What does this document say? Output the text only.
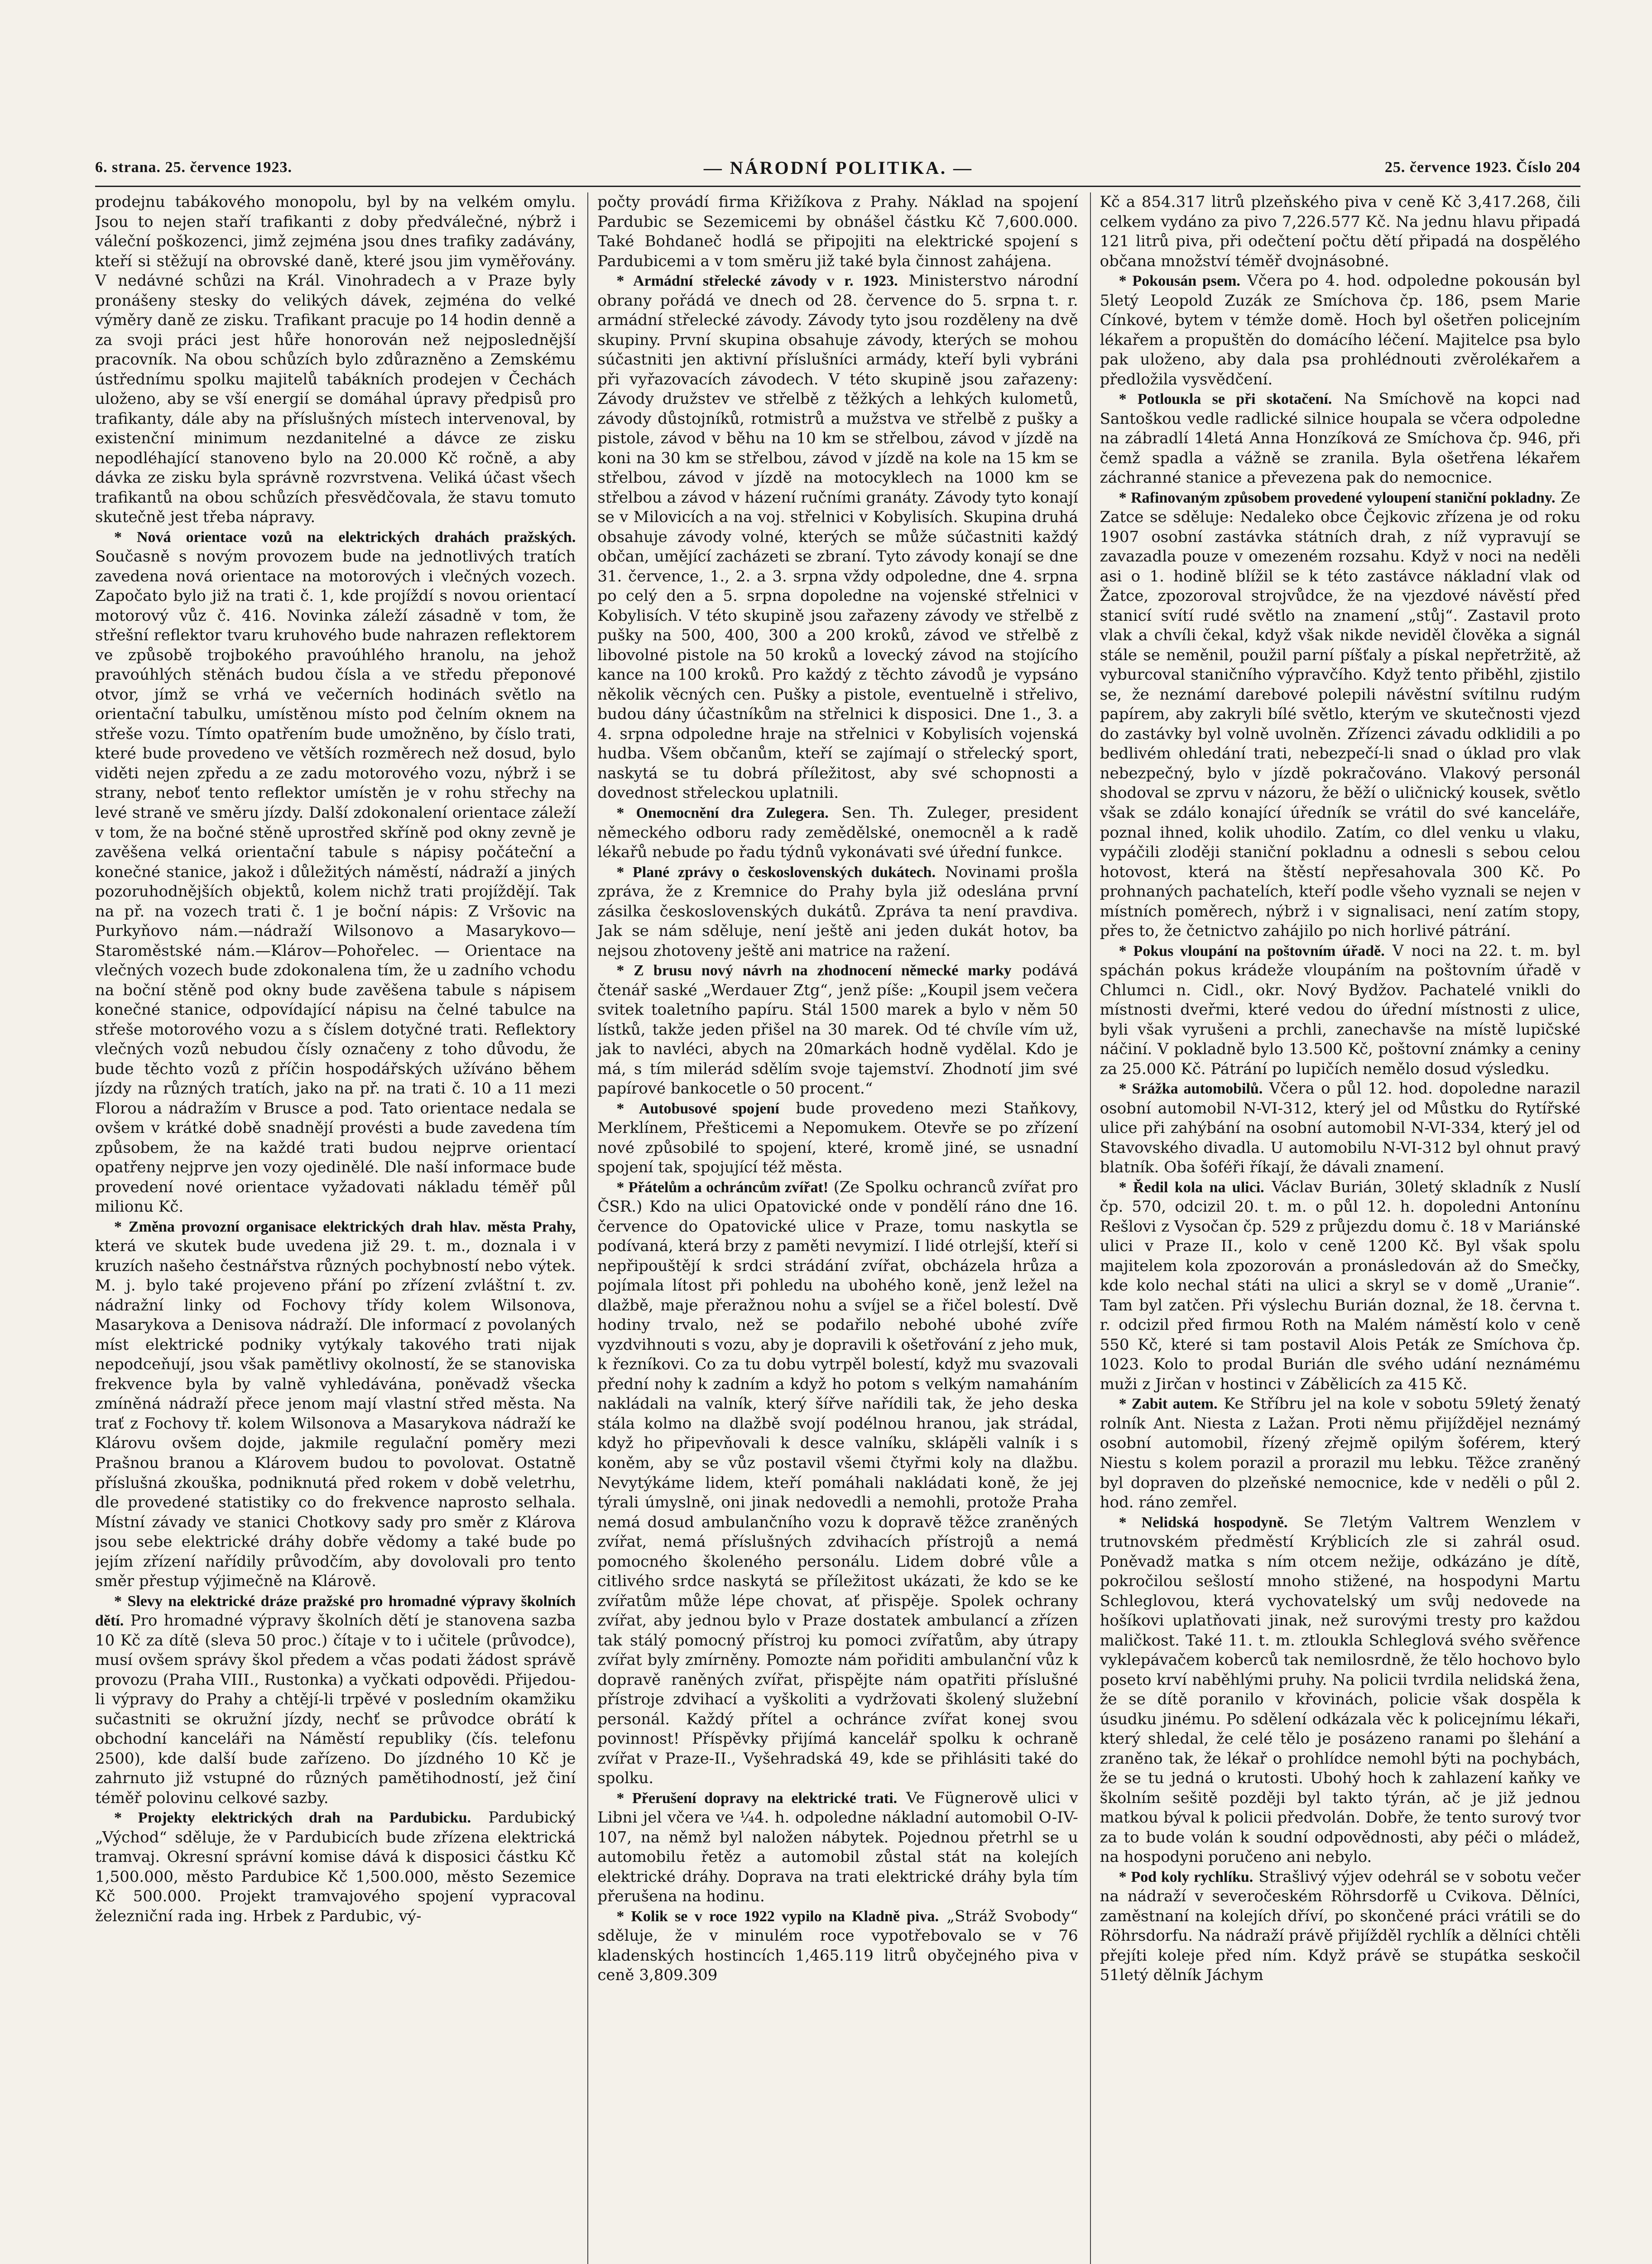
6. strana. 25. července 1923.	— NÁRODNÍ POLITIKA. —	25. července 1923. Číslo 204

prodejnu tabákového monopolu, byl by na velkém omylu. Jsou to nejen staří trafikanti z doby předválečné, nýbrž i váleční poškozenci, jimž zejména jsou dnes trafiky zadávány, kteří si stěžují na obrovské daně, které jsou jim vyměřovány. V nedávné schůzi na Král. Vinohradech a v Praze byly pronášeny stesky do velikých dávek, zejména do velké výměry daně ze zisku. Trafikant pracuje po 14 hodin denně a za svoji práci jest hůře honorován než nejposlednější pracovník. Na obou schůzích bylo zdůrazněno a Zemskému ústřednímu spolku majitelů tabákních prodejen v Čechách uloženo, aby se vší energií se domáhal úpravy předpisů pro trafikanty, dále aby na příslušných místech intervenoval, by existenční minimum nezdanitelné a dávce ze zisku nepodléhající stanoveno bylo na 20.000 Kč ročně, a aby dávka ze zisku byla správně rozvrstvena. Veliká účast všech trafikantů na obou schůzích přesvědčovala, že stavu tomuto skutečně jest třeba nápravy.

* Nová orientace vozů na elektrických drahách pražských. Současně s novým provozem bude na jednotlivých tratích zavedena nová orientace na motorových i vlečných vozech. Započato bylo již na trati č. 1, kde projíždí s novou orientací motorový vůz č. 416. Novinka záleží zásadně v tom, že střešní reflektor tvaru kruhového bude nahrazen reflektorem ve způsobě trojbokého pravoúhlého hranolu, na jehož pravoúhlých stěnách budou čísla a ve středu přeponové otvor, jímž se vrhá ve večerních hodinách světlo na orientační tabulku, umístěnou místo pod čelním oknem na střeše vozu. Tímto opatřením bude umožněno, by číslo trati, které bude provedeno ve větších rozměrech než dosud, bylo viděti nejen zpředu a ze zadu motorového vozu, nýbrž i se strany, neboť tento reflektor umístěn je v rohu střechy na levé straně ve směru jízdy. Další zdokonalení orientace záleží v tom, že na bočné stěně uprostřed skříně pod okny zevně je zavěšena velká orientační tabule s nápisy počáteční a konečné stanice, jakož i důležitých náměstí, nádraží a jiných pozoruhodnějších objektů, kolem nichž trati projíždějí. Tak na př. na vozech trati č. 1 je boční nápis: Z Vršovic na Purkyňovo nám.—nádraží Wilsonovo a Masarykovo—Staroměstské nám.—Klárov—Pohořelec. — Orientace na vlečných vozech bude zdokonalena tím, že u zadního vchodu na boční stěně pod okny bude zavěšena tabule s nápisem konečné stanice, odpovídající nápisu na čelné tabulce na střeše motorového vozu a s číslem dotyčné trati. Reflektory vlečných vozů nebudou čísly označeny z toho důvodu, že bude těchto vozů z příčin hospodářských užíváno během jízdy na různých tratích, jako na př. na trati č. 10 a 11 mezi Florou a nádražím v Brusce a pod. Tato orientace nedala se ovšem v krátké době snadnějí provésti a bude zavedena tím způsobem, že na každé trati budou nejprve orientací opatřeny nejprve jen vozy ojedinělé. Dle naší informace bude provedení nové orientace vyžadovati nákladu téměř půl milionu Kč.

* Změna provozní organisace elektrických drah hlav. města Prahy, která ve skutek bude uvedena již 29. t. m., doznala i v kruzích našeho čestnářstva různých pochybností nebo výtek. M. j. bylo také projeveno přání po zřízení zvláštní t. zv. nádražní linky od Fochovy třídy kolem Wilsonova, Masarykova a Denisova nádraží. Dle informací z povolaných míst elektrické podniky vytýkaly takového trati nijak nepodceňují, jsou však pamětlivy okolností, že se stanoviska frekvence byla by valně vyhledávána, poněvadž všecka zmíněná nádraží přece jenom mají vlastní střed města. Na trať z Fochovy tř. kolem Wilsonova a Masarykova nádraží ke Klárovu ovšem dojde, jakmile regulační poměry mezi Prašnou branou a Klárovem budou to povolovat. Ostatně příslušná zkouška, podniknutá před rokem v době veletrhu, dle provedené statistiky co do frekvence naprosto selhala. Místní závady ve stanici Chotkovy sady pro směr z Klárova jsou sebe elektrické dráhy dobře vědomy a také bude po jejím zřízení nařídily průvodčím, aby dovolovali pro tento směr přestup výjimečně na Klárově.

* Slevy na elektrické dráze pražské pro hromadné výpravy školních dětí. Pro hromadné výpravy školních dětí je stanovena sazba 10 Kč za dítě (sleva 50 proc.) čítaje v to i učitele (průvodce), musí ovšem správy škol předem a včas podati žádost správě provozu (Praha VIII., Rustonka) a vyčkati odpovědi. Přijedou-li výpravy do Prahy a chtějí-li trpěvé v posledním okamžiku sučastniti se okružní jízdy, nechť se průvodce obrátí k obchodní kanceláři na Náměstí republiky (čís. telefonu 2500), kde další bude zařízeno. Do jízdného 10 Kč je zahrnuto již vstupné do různých pamětihodností, jež činí téměř polovinu celkové sazby.

* Projekty elektrických drah na Pardubicku. Pardubický „Východ“ sděluje, že v Pardubicích bude zřízena elektrická tramvaj. Okresní správní komise dává k disposici částku Kč 1,500.000, město Pardubice Kč 1,500.000, město Sezemice Kč 500.000. Projekt tramvajového spojení vypracoval železniční rada ing. Hrbek z Pardubic, vý-

počty provádí firma Křižíkova z Prahy. Náklad na spojení Pardubic se Sezemicemi by obnášel částku Kč 7,600.000. Také Bohdaneč hodlá se připojiti na elektrické spojení s Pardubicemi a v tom směru již také byla činnost zahájena.

* Armádní střelecké závody v r. 1923. Ministerstvo národní obrany pořádá ve dnech od 28. července do 5. srpna t. r. armádní střelecké závody. Závody tyto jsou rozděleny na dvě skupiny. První skupina obsahuje závody, kterých se mohou súčastniti jen aktivní příslušníci armády, kteří byli vybráni při vyřazovacích závodech. V této skupině jsou zařazeny: Závody družstev ve střelbě z těžkých a lehkých kulometů, závody důstojníků, rotmistrů a mužstva ve střelbě z pušky a pistole, závod v běhu na 10 km se střelbou, závod v jízdě na koni na 30 km se střelbou, závod v jízdě na kole na 15 km se střelbou, závod v jízdě na motocyklech na 1000 km se střelbou a závod v házení ručními granáty. Závody tyto konají se v Milovicích a na voj. střelnici v Kobylisích. Skupina druhá obsahuje závody volné, kterých se může súčastniti každý občan, umějící zacházeti se zbraní. Tyto závody konají se dne 31. července, 1., 2. a 3. srpna vždy odpoledne, dne 4. srpna po celý den a 5. srpna dopoledne na vojenské střelnici v Kobylisích. V této skupině jsou zařazeny závody ve střelbě z pušky na 500, 400, 300 a 200 kroků, závod ve střelbě z libovolné pistole na 50 kroků a lovecký závod na stojícího kance na 100 kroků. Pro každý z těchto závodů je vypsáno několik věcných cen. Pušky a pistole, eventuelně i střelivo, budou dány účastníkům na střelnici k disposici. Dne 1., 3. a 4. srpna odpoledne hraje na střelnici v Kobylisích vojenská hudba. Všem občanům, kteří se zajímají o střelecký sport, naskytá se tu dobrá příležitost, aby své schopnosti a dovednost střeleckou uplatnili.

* Onemocnění dra Zulegera. Sen. Th. Zuleger, president německého odboru rady zemědělské, onemocněl a k radě lékařů nebude po řadu týdnů vykonávati své úřední funkce.

* Plané zprávy o československých dukátech. Novinami prošla zpráva, že z Kremnice do Prahy byla již odeslána první zásilka československých dukátů. Zpráva ta není pravdiva. Jak se nám sděluje, není ještě ani jeden dukát hotov, ba nejsou zhotoveny ještě ani matrice na ražení.

* Z brusu nový návrh na zhodnocení německé marky podává čtenář saské „Werdauer Ztg“, jenž píše: „Koupil jsem večera svitek toaletního papíru. Stál 1500 marek a bylo v něm 50 lístků, takže jeden přišel na 30 marek. Od té chvíle vím už, jak to navléci, abych na 20markách hodně vydělal. Kdo je má, s tím milerád sdělím svoje tajemství. Zhodnotí jim své papírové bankocetle o 50 procent.“

* Autobusové spojení bude provedeno mezi Staňkovy, Merklínem, Přešticemi a Nepomukem. Otevře se po zřízení nové způsobilé to spojení, které, kromě jiné, se usnadní spojení tak, spojující též města.

* Přátelům a ochráncům zvířat! (Ze Spolku ochranců zvířat pro ČSR.) Kdo na ulici Opatovické onde v pondělí ráno dne 16. července do Opatovické ulice v Praze, tomu naskytla se podívaná, která brzy z paměti nevymizí. I lidé otrlejší, kteří si nepřipouštějí k srdci strádání zvířat, obcházela hrůza a pojímala lítost při pohledu na ubohého koně, jenž ležel na dlažbě, maje přeražnou nohu a svíjel se a řičel bolestí. Dvě hodiny trvalo, než se podařilo nebohé ubohé zvíře vyzdvihnouti s vozu, aby je dopravili k ošetřování z jeho muk, k řezníkovi. Co za tu dobu vytrpěl bolestí, když mu svazovali přední nohy k zadním a když ho potom s velkým namaháním nakládali na valník, který šířve nařídili tak, že jeho deska stála kolmo na dlažbě svojí podélnou hranou, jak strádal, když ho připevňovali k desce valníku, sklápěli valník i s koněm, aby se vůz postavil všemi čtyřmi koly na dlažbu. Nevytýkáme lidem, kteří pomáhali nakládati koně, že jej týrali úmyslně, oni jinak nedovedli a nemohli, protože Praha nemá dosud ambulančního vozu k dopravě těžce zraněných zvířat, nemá příslušných zdvihacích přístrojů a nemá pomocného školeného personálu. Lidem dobré vůle a citlivého srdce naskytá se příležitost ukázati, že kdo se ke zvířatům může lépe chovat, ať přispěje. Spolek ochrany zvířat, aby jednou bylo v Praze dostatek ambulancí a zřízen tak stálý pomocný přístroj ku pomoci zvířatům, aby útrapy zvířat byly zmírněny. Pomozte nám pořiditi ambulanční vůz k dopravě raněných zvířat, přispějte nám opatřiti příslušné přístroje zdvihací a vyškoliti a vydržovati školený služební personál. Každý přítel a ochránce zvířat konej svou povinnost! Příspěvky přijímá kancelář spolku k ochraně zvířat v Praze-II., Vyšehradská 49, kde se přihlásiti také do spolku.

* Přerušení dopravy na elektrické trati. Ve Fügnerově ulici v Libni jel včera ve ¼4. h. odpoledne nákladní automobil O-IV-107, na němž byl naložen nábytek. Pojednou přetrhl se u automobilu řetěz a automobil zůstal stát na kolejích elektrické dráhy. Doprava na trati elektrické dráhy byla tím přerušena na hodinu.

* Kolik se v roce 1922 vypilo na Kladně piva. „Stráž Svobody“ sděluje, že v minulém roce vypotřebovalo se v 76 kladenských hostincích 1,465.119 litrů obyčejného piva v ceně 3,809.309

Kč a 854.317 litrů plzeňského piva v ceně Kč 3,417.268, čili celkem vydáno za pivo 7,226.577 Kč. Na jednu hlavu připadá 121 litrů piva, při odečtení počtu dětí připadá na dospělého občana množství téměř dvojnásobné.

* Pokousán psem. Včera po 4. hod. odpoledne pokousán byl 5letý Leopold Zuzák ze Smíchova čp. 186, psem Marie Cínkové, bytem v témže domě. Hoch byl ošetřen policejním lékařem a propuštěn do domácího léčení. Majitelce psa bylo pak uloženo, aby dala psa prohlédnouti zvěrolékařem a předložila vysvědčení.

* Potlouкla se při skotačení. Na Smíchově na kopci nad Santoškou vedle radlické silnice houpala se včera odpoledne na zábradlí 14letá Anna Honzíková ze Smíchova čp. 946, při čemž spadla a vážně se zranila. Byla ošetřena lékařem záchranné stanice a převezena pak do nemocnice.

* Rafinovaným způsobem provedené vyloupení staniční pokladny. Ze Zatce se sděluje: Nedaleko obce Čejkovic zřízena je od roku 1907 osobní zastávka státních drah, z níž vypravují se zavazadla pouze v omezeném rozsahu. Když v noci na neděli asi o 1. hodině blížil se k této zastávce nákladní vlak od Žatce, zpozoroval strojvůdce, že na vjezdové návěstí před stanicí svítí rudé světlo na znamení „stůj“. Zastavil proto vlak a chvíli čekal, když však nikde neviděl člověka a signál stále se neměnil, použil parní píšťaly a pískal nepřetržitě, až vyburcoval staničního výpravčího. Když tento přiběhl, zjistilo se, že neznámí darebové polepili návěstní svítilnu rudým papírem, aby zakryli bílé světlo, kterým ve skutečnosti vjezd do zastávky byl volně uvolněn. Zřízenci závadu odklidili a po bedlivém ohledání trati, nebezpečí-li snad o úklad pro vlak nebezpečný, bylo v jízdě pokračováno. Vlakový personál shodoval se zprvu v názoru, že běží o uličnický kousek, světlo však se zdálo konající úředník se vrátil do své kanceláře, poznal ihned, kolik uhodilo. Zatím, co dlel venku u vlaku, vypáčili zloději staniční pokladnu a odnesli s sebou celou hotovost, která na štěstí nepřesahovala 300 Kč. Po prohnaných pachatelích, kteří podle všeho vyznali se nejen v místních poměrech, nýbrž i v signalisaci, není zatím stopy, přes to, že četnictvo zahájilo po nich horlivé pátrání.

* Pokus vloupání na poštovním úřadě. V noci na 22. t. m. byl spáchán pokus krádeže vloupáním na poštovním úřadě v Chlumci n. Cidl., okr. Nový Bydžov. Pachatelé vnikli do místnosti dveřmi, které vedou do úřední místnosti z ulice, byli však vyrušeni a prchli, zanechavše na místě lupičské náčiní. V pokladně bylo 13.500 Kč, poštovní známky a ceniny za 25.000 Kč. Pátrání po lupičích nemělo dosud výsledku.

* Srážka automobilů. Včera o půl 12. hod. dopoledne narazil osobní automobil N-VI-312, který jel od Můstku do Rytířské ulice při zahýbání na osobní automobil N-VI-334, který jel od Stavovského divadla. U automobilu N-VI-312 byl ohnut pravý blatník. Oba šoféři říkají, že dávali znamení.

* Ředil kola na ulici. Václav Burián, 30letý skladník z Nuslí čp. 570, odcizil 20. t. m. o půl 12. h. dopoledni Antonínu Rešlovi z Vysočan čp. 529 z průjezdu domu č. 18 v Mariánské ulici v Praze II., kolo v ceně 1200 Kč. Byl však spolu majitelem kola zpozorován a pronásledován až do Smečky, kde kolo nechal státi na ulici a skryl se v domě „Uranie“. Tam byl zatčen. Při výslechu Burián doznal, že 18. června t. r. odcizil před firmou Roth na Malém náměstí kolo v ceně 550 Kč, které si tam postavil Alois Peták ze Smíchova čp. 1023. Kolo to prodal Burián dle svého udání neznámému muži z Jirčan v hostinci v Zábělicích za 415 Kč.

* Zabit autem. Ke Stříbru jel na kole v sobotu 59letý ženatý rolník Ant. Niesta z Lažan. Proti němu přijíždějel neznámý osobní automobil, řízený zřejmě opilým šoférem, který Niestu s kolem porazil a prorazil mu lebku. Těžce zraněný byl dopraven do plzeňské nemocnice, kde v neděli o půl 2. hod. ráno zemřel.

* Nelidská hospodyně. Se 7letým Valtrem Wenzlem v trutnovském předměstí Krýblicích zle si zahrál osud. Poněvadž matka s ním otcem nežije, odkázáno je dítě, pokročilou sešlostí mnoho stižené, na hospodyni Martu Schleglovou, která vychovatelský um svůj nedovede na hošíkovi uplatňovati jinak, než surovými tresty pro každou maličkost. Také 11. t. m. ztloukla Schleglová svého svěřence vyklepávačem koberců tak nemilosrdně, že tělo hochovo bylo posetо krví naběhlými pruhy. Na policii tvrdila nelidská žena, že se dítě poranilo v křovinách, policie však dospěla k úsudku jinému. Po sdělení odkázala věc k policejnímu lékaři, který shledal, že celé tělo je posázeno ranami po šlehání a zraněno tak, že lékař o prohlídce nemohl býti na pochybách, že se tu jedná o krutosti. Ubohý hoch k zahlazení kaňky ve školním sešitě později byl takto týrán, ač je již jednou matkou býval k policii předvolán. Dobře, že tento surový tvor za to bude volán k soudní odpovědnosti, aby péči o mládež, na hospodyni poručeno ani nebylo.

* Pod koly rychlíku. Strašlivý výjev odehrál se v sobotu večer na nádraží v severočeském Röhrsdorfě u Cvikova. Dělníci, zaměstnaní na kolejích dříví, po skončené práci vrátili se do Röhrsdorfu. Na nádraží právě přijížděl rychlík a dělníci chtěli přejíti koleje před ním. Když právě se stupátka sesko​čil 51letý dělník Jáchym
